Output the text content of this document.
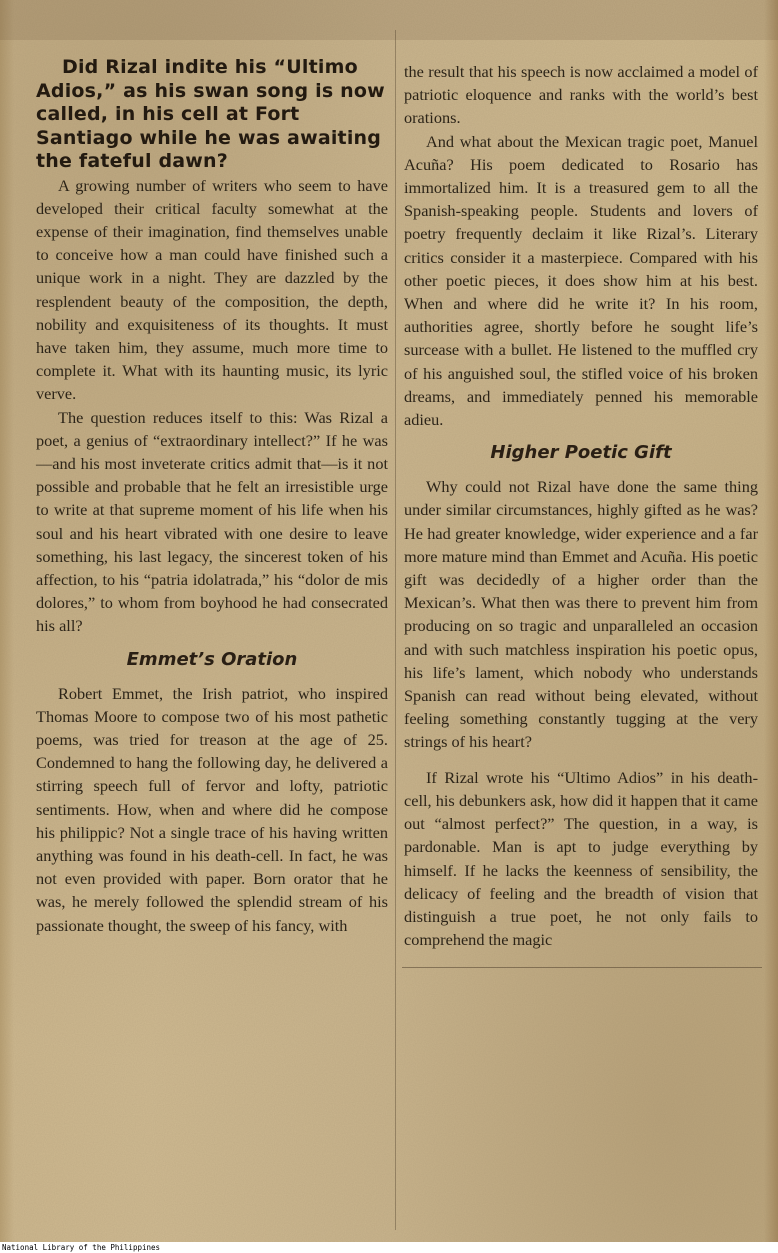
Did Rizal indite his “Ultimo Adios,” as his swan song is now called, in his cell at Fort Santiago while he was awaiting the fateful dawn?

A growing number of writers who seem to have developed their critical faculty somewhat at the expense of their imagination, find themselves unable to conceive how a man could have finished such a unique work in a night. They are dazzled by the resplendent beauty of the composition, the depth, nobility and exquisiteness of its thoughts. It must have taken him, they assume, much more time to complete it. What with its haunting music, its lyric verve.

The question reduces itself to this: Was Rizal a poet, a genius of “extraordinary intellect?” If he was—and his most inveterate critics admit that—is it not possible and probable that he felt an irresistible urge to write at that supreme moment of his life when his soul and his heart vibrated with one desire to leave something, his last legacy, the sincerest token of his affection, to his “patria idolatrada,” his “dolor de mis dolores,” to whom from boyhood he had consecrated his all?

Emmet’s Oration

Robert Emmet, the Irish patriot, who inspired Thomas Moore to compose two of his most pathetic poems, was tried for treason at the age of 25. Condemned to hang the following day, he delivered a stirring speech full of fervor and lofty, patriotic sentiments. How, when and where did he compose his philippic? Not a single trace of his having written anything was found in his death-cell. In fact, he was not even provided with paper. Born orator that he was, he merely followed the splendid stream of his passionate thought, the sweep of his fancy, with

the result that his speech is now acclaimed a model of patriotic eloquence and ranks with the world’s best orations.

And what about the Mexican tragic poet, Manuel Acuña? His poem dedicated to Rosario has immortalized him. It is a treasured gem to all the Spanish-speaking people. Students and lovers of poetry frequently declaim it like Rizal’s. Literary critics consider it a masterpiece. Compared with his other poetic pieces, it does show him at his best. When and where did he write it? In his room, authorities agree, shortly before he sought life’s surcease with a bullet. He listened to the muffled cry of his anguished soul, the stifled voice of his broken dreams, and immediately penned his memorable adieu.

Higher Poetic Gift

Why could not Rizal have done the same thing under similar circumstances, highly gifted as he was? He had greater knowledge, wider experience and a far more mature mind than Emmet and Acuña. His poetic gift was decidedly of a higher order than the Mexican’s. What then was there to prevent him from producing on so tragic and unparalleled an occasion and with such matchless inspiration his poetic opus, his life’s lament, which nobody who understands Spanish can read without being elevated, without feeling something constantly tugging at the very strings of his heart?

If Rizal wrote his “Ultimo Adios” in his death-cell, his debunkers ask, how did it happen that it came out “almost perfect?” The question, in a way, is pardonable. Man is apt to judge everything by himself. If he lacks the keenness of sensibility, the delicacy of feeling and the breadth of vision that distinguish a true poet, he not only fails to comprehend the magic

National Library of the Philippines
